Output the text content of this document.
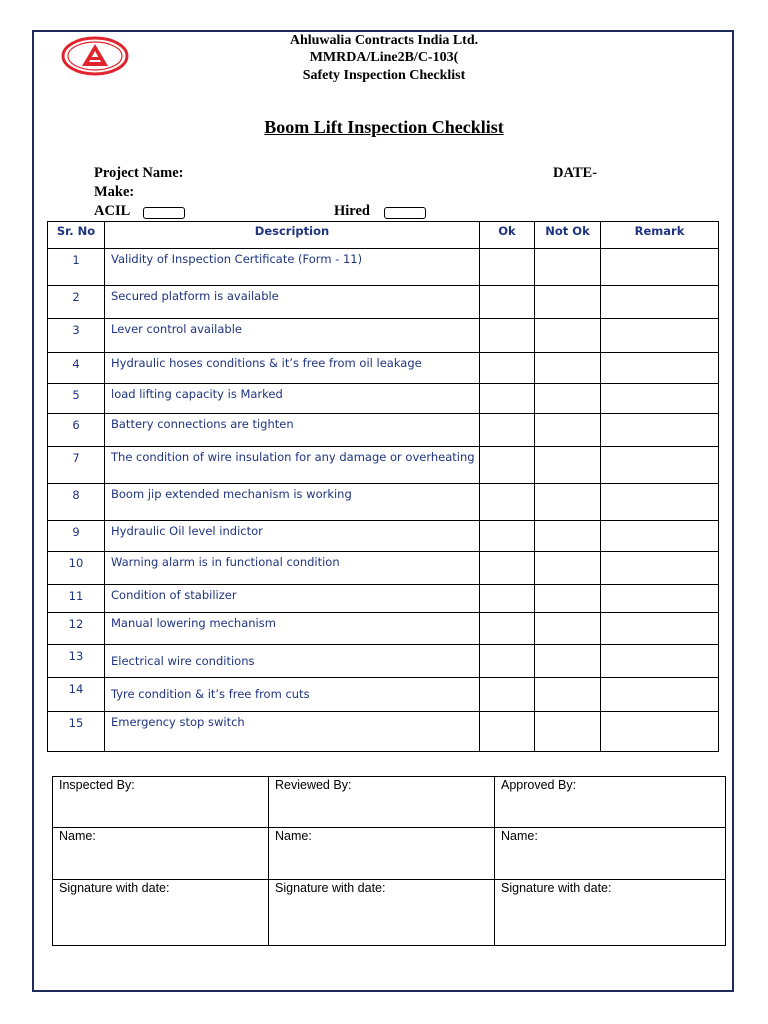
Ahluwalia Contracts India Ltd.
MMRDA/Line2B/C-103(
Safety Inspection Checklist
Boom Lift Inspection Checklist
Project Name:	DATE-
Make:
ACIL	Hired
Sr. No	Description	Ok	Not Ok	Remark
1	Validity of Inspection Certificate (Form - 11)			
2	Secured platform is available			
3	Lever control available			
4	Hydraulic hoses conditions & it’s free from oil leakage			
5	load lifting capacity is Marked			
6	Battery connections are tighten			
7	The condition of wire insulation for any damage or overheating			
8	Boom jip extended mechanism is working			
9	Hydraulic Oil level indictor			
10	Warning alarm is in functional condition			
11	Condition of stabilizer			
12	Manual lowering mechanism			
13	Electrical wire conditions			
14	Tyre condition & it’s free from cuts			
15	Emergency stop switch			
Inspected By:	Reviewed By:	Approved By:
Name:	Name:	Name:
Signature with date:	Signature with date:	Signature with date:
